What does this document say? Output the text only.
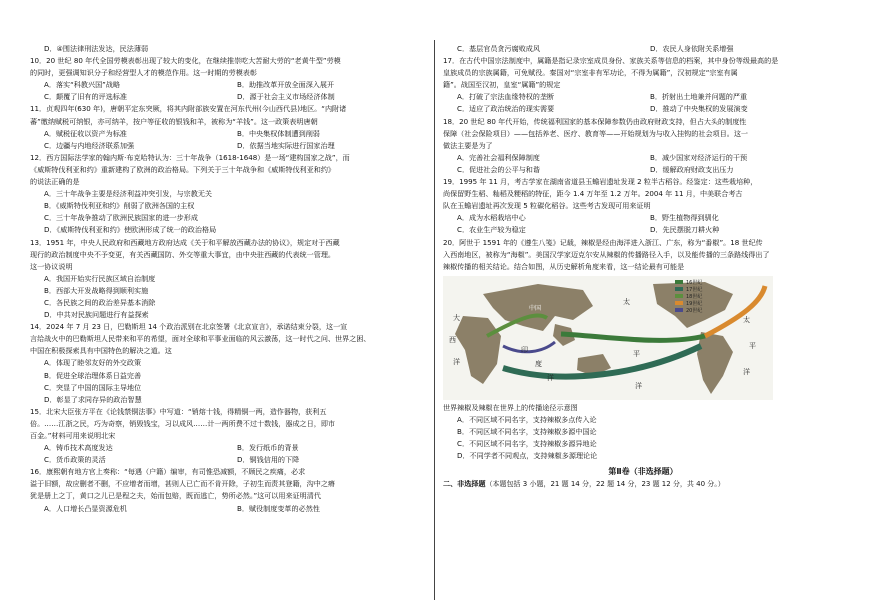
D．④围法律刑法发达，民法薄弱
10．20 世纪 80 年代全国劳模表彰出现了较大的变化，在继续推崇吃大苦耐大劳的“老黄牛型”劳模
的同时，更强调知识分子和经营型人才的模范作用。这一时期的劳模表彰
A．落实“科教兴国”战略	B．助推改革开放全面深入展开
C．颠覆了旧有的评选标准	D．源于社会主义市场经济体制
11．贞观四年(630 年)，唐朝平定东突厥，将其内附部族安置在河东代州(今山西代县)地区。“内附诸
蕃”缴纳赋税可纳银，亦可纳羊，按户等征收的银钱和羊，被称为“羊钱”。这一政策表明唐朝
A．赋税征收以资产为标准	B．中央集权体制遭到削弱
C．边疆与内地经济联系加强	D．依据当地实际进行国家治理
12．西方国际法学家的翰内斯·布克哈特认为：三十年战争（1618-1648）是一场“建构国家之战”，而
《威斯特伐利亚和约》重新建构了欧洲的政治格局。下列关于三十年战争和《威斯特伐利亚和约》
的说法正确的是
A．三十年战争主要是经济利益冲突引发，与宗教无关
B．《威斯特伐利亚和约》削弱了欧洲各国的主权
C．三十年战争推动了欧洲民族国家的进一步形成
D．《威斯特伐利亚和约》使欧洲形成了统一的政治格局
13．1951 年，中央人民政府和西藏地方政府达成《关于和平解放西藏办法的协议》，规定对于西藏
现行的政治制度中央不予变更，有关西藏国防、外交等重大事宜，由中央驻西藏的代表统一管理。
这一协议说明
A．我国开始实行民族区域自治制度
B．西部大开发战略得到顺利实施
C．各民族之间的政治差异基本消除
D．中共对民族问题进行有益探索
14．2024 年 7 月 23 日，巴勒斯坦 14 个政治派别在北京签署《北京宣言》，承诺结束分裂，这一宣
言给战火中的巴勒斯坦人民带来和平的希望，面对全球和平事业面临的风云激荡，这一时代之问、世界之困、
中国在积极探索具有中国特色的解决之道。这
A．体现了睦邻友好的外交政策
B．促进全球治理体系日益完善
C．突显了中国的国际主导地位
D．彰显了求同存异的政治智慧
15．北宋大臣张方平在《论钱禁铜法事》中写道：“销熔十钱，得精铜一两，造作器物，获利五
倍。……江浙之民，巧为奇察，销毁钱宝，习以成风……计一两所费不过十数钱，器成之日，即市
百金。”材料可用来说明北宋
A．铸币技术高度发达	B．发行纸币的背景
C．货币政策的灵活	D．铜钱信用的下降
16．康熙朝有地方官上奏称：“每遇（户籍）编审，有司惟恐减额，不顾民之疾痛，必求
溢于旧额，故应删者不删，不应增者而增，甚则人已亡而不肯开除，子初生而责其登籍，沟中之瘠
犹是册上之丁，黄口之儿已是程之夫，始而包赔，既而逃亡，势所必然。”这可以用来证明清代
A．人口增长凸显资源危机	B．赋役制度变革的必然性
C．基层官员贪污腐败成风	D．农民人身依附关系增强
17．在古代中国宗法制度中，属籍是指记录宗室成员身份、家族关系等信息的档案，其中身份等级最高的是
皇族成员的宗族属籍，可免赋役。秦国对“宗室非有军功论，不得为属籍”，汉初规定“宗室有属
籍”。战国至汉初，皇室“属籍”的规定
A．打破了宗法血缘特权的垄断	B．折射出土地兼并问题的严重
C．适应了政治统治的现实需要	D．推动了中央集权的发展演变
18．20 世纪 80 年代开始，传统福利国家的基本保障参数仍由政府财政支持，但占大头的制度性
保障（社会保险项目）——包括养老、医疗、教育等——开始规划为与收入挂钩的社会项目。这一
做法主要是为了
A．完善社会福利保障制度	B．减少国家对经济运行的干预
C．促进社会的公平与和谐	D．缓解政府财政支出压力
19．1995 年 11 月，考古学家在湖南省道县玉蟾岩遗址发现 2 粒半古稻谷。经鉴定：这些栽培种，
尚保留野生稻、籼稻及粳稻的特征，距今 1.4 万年至 1.2 万年。2004 年 11 月，中美联合考古
队在玉蟾岩遗址再次发现 5 粒碳化稻谷。这些考古发现可用来证明
A．成为水稻栽培中心	B．野生植物得到驯化
C．农业生产较为稳定	D．先民摆脱刀耕火种
20．阿世于 1591 年的《遵生八笺》记载，辣椒是经由海洋进入浙江、广东，称为“番椒”。18 世纪传
入西南地区，被称为“海椒”。美国汉学家迈克尔安从辣椒的传播路径入手，以及能传播的三条路线得出了
辣椒传播的相关结论。结合如图，从历史解析角度来看，这一结论最有可能是
中国
大
西
洋
太
平
洋
印
度
洋
太
平
洋
16世纪
17世纪
18世纪
19世纪
20世纪
世界辣椒及辣椒在世界上的传播途径示意图
A．不同区域不同名字，支持辣椒多点传入论
B．不同区域不同名字，支持辣椒多源中国论
C．不同区域不同名字，支持辣椒多源异地论
D．不同学者不同观点，支持辣椒多源理论论
第Ⅱ卷（非选择题）
二、非选择题（本题包括 3 小题，21 题 14 分，22 题 14 分，23 题 12 分，共 40 分。）
